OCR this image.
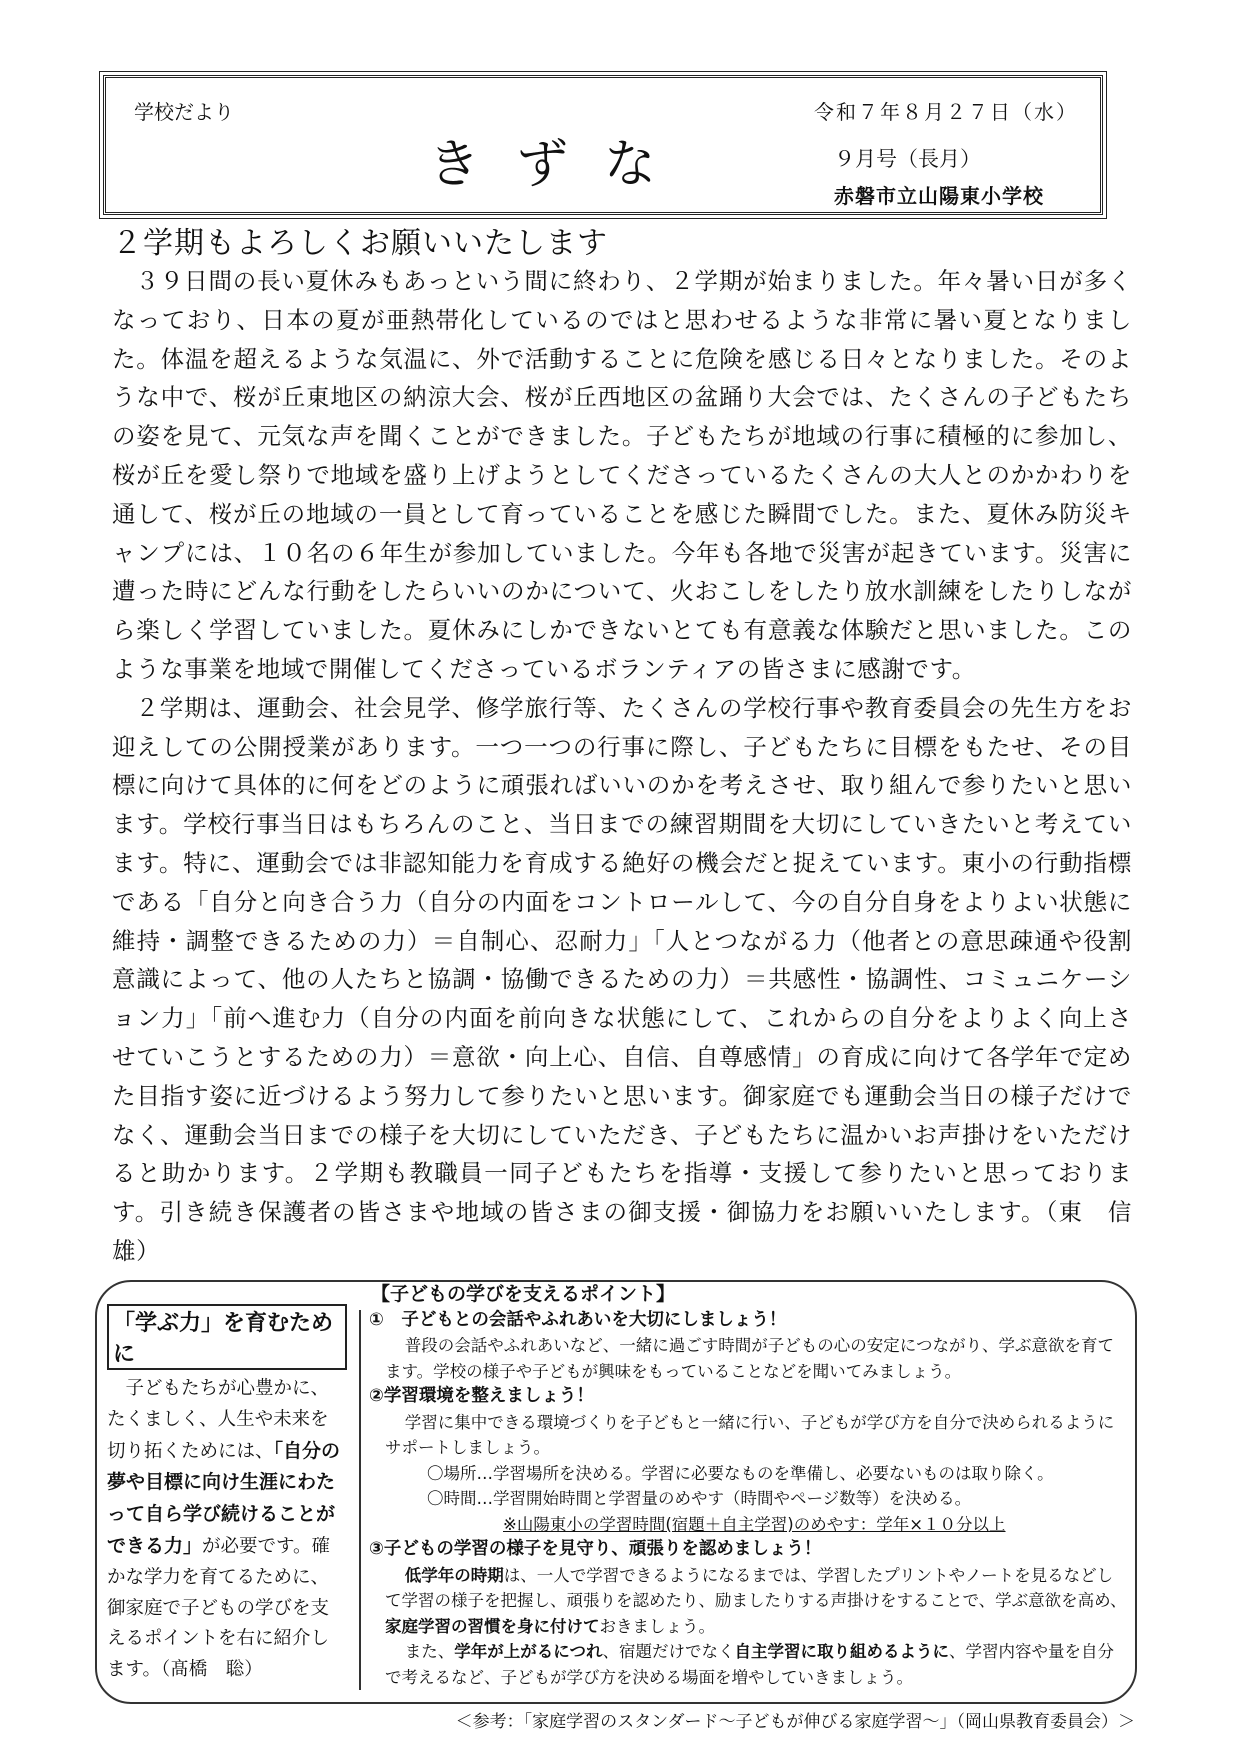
学校だより
きずな
令和７年８月２７日（水）
９月号（長月）
赤磐市立山陽東小学校
２学期もよろしくお願いいたします

３９日間の長い夏休みもあっという間に終わり、２学期が始まりました。年々暑い日が多くなっており、日本の夏が亜熱帯化しているのではと思わせるような非常に暑い夏となりました。体温を超えるような気温に、外で活動することに危険を感じる日々となりました。そのような中で、桜が丘東地区の納涼大会、桜が丘西地区の盆踊り大会では、たくさんの子どもたちの姿を見て、元気な声を聞くことができました。子どもたちが地域の行事に積極的に参加し、桜が丘を愛し祭りで地域を盛り上げようとしてくださっているたくさんの大人とのかかわりを通して、桜が丘の地域の一員として育っていることを感じた瞬間でした。また、夏休み防災キャンプには、１０名の６年生が参加していました。今年も各地で災害が起きています。災害に遭った時にどんな行動をしたらいいのかについて、火おこしをしたり放水訓練をしたりしながら楽しく学習していました。夏休みにしかできないとても有意義な体験だと思いました。このような事業を地域で開催してくださっているボランティアの皆さまに感謝です。

２学期は、運動会、社会見学、修学旅行等、たくさんの学校行事や教育委員会の先生方をお迎えしての公開授業があります。一つ一つの行事に際し、子どもたちに目標をもたせ、その目標に向けて具体的に何をどのように頑張ればいいのかを考えさせ、取り組んで参りたいと思います。学校行事当日はもちろんのこと、当日までの練習期間を大切にしていきたいと考えています。特に、運動会では非認知能力を育成する絶好の機会だと捉えています。東小の行動指標である「自分と向き合う力（自分の内面をコントロールして、今の自分自身をよりよい状態に維持・調整できるための力）＝自制心、忍耐力」「人とつながる力（他者との意思疎通や役割意識によって、他の人たちと協調・協働できるための力）＝共感性・協調性、コミュニケーション力」「前へ進む力（自分の内面を前向きな状態にして、これからの自分をよりよく向上させていこうとするための力）＝意欲・向上心、自信、自尊感情」の育成に向けて各学年で定めた目指す姿に近づけるよう努力して参りたいと思います。御家庭でも運動会当日の様子だけでなく、運動会当日までの様子を大切にしていただき、子どもたちに温かいお声掛けをいただけると助かります。２学期も教職員一同子どもたちを指導・支援して参りたいと思っております。引き続き保護者の皆さまや地域の皆さまの御支援・御協力をお願いいたします。（東　信雄）

「学ぶ力」を育むために
子どもたちが心豊かに、たくましく、人生や未来を切り拓くためには、「自分の夢や目標に向け生涯にわたって自ら学び続けることができる力」が必要です。確かな学力を育てるために、御家庭で子どもの学びを支えるポイントを右に紹介します。（髙橋　聡）
【子どもの学びを支えるポイント】
①　子どもとの会話やふれあいを大切にしましょう！
普段の会話やふれあいなど、一緒に過ごす時間が子どもの心の安定につながり、学ぶ意欲を育てます。学校の様子や子どもが興味をもっていることなどを聞いてみましょう。
②学習環境を整えましょう！
学習に集中できる環境づくりを子どもと一緒に行い、子どもが学び方を自分で決められるようにサポートしましょう。
〇場所…学習場所を決める。学習に必要なものを準備し、必要ないものは取り除く。
〇時間…学習開始時間と学習量のめやす（時間やページ数等）を決める。
※山陽東小の学習時間(宿題＋自主学習)のめやす：学年×１０分以上
③子どもの学習の様子を見守り、頑張りを認めましょう！
低学年の時期は、一人で学習できるようになるまでは、学習したプリントやノートを見るなどして学習の様子を把握し、頑張りを認めたり、励ましたりする声掛けをすることで、学ぶ意欲を高め、家庭学習の習慣を身に付けておきましょう。
また、学年が上がるにつれ、宿題だけでなく自主学習に取り組めるように、学習内容や量を自分で考えるなど、子どもが学び方を決める場面を増やしていきましょう。
＜参考：「家庭学習のスタンダード～子どもが伸びる家庭学習～」（岡山県教育委員会）＞
